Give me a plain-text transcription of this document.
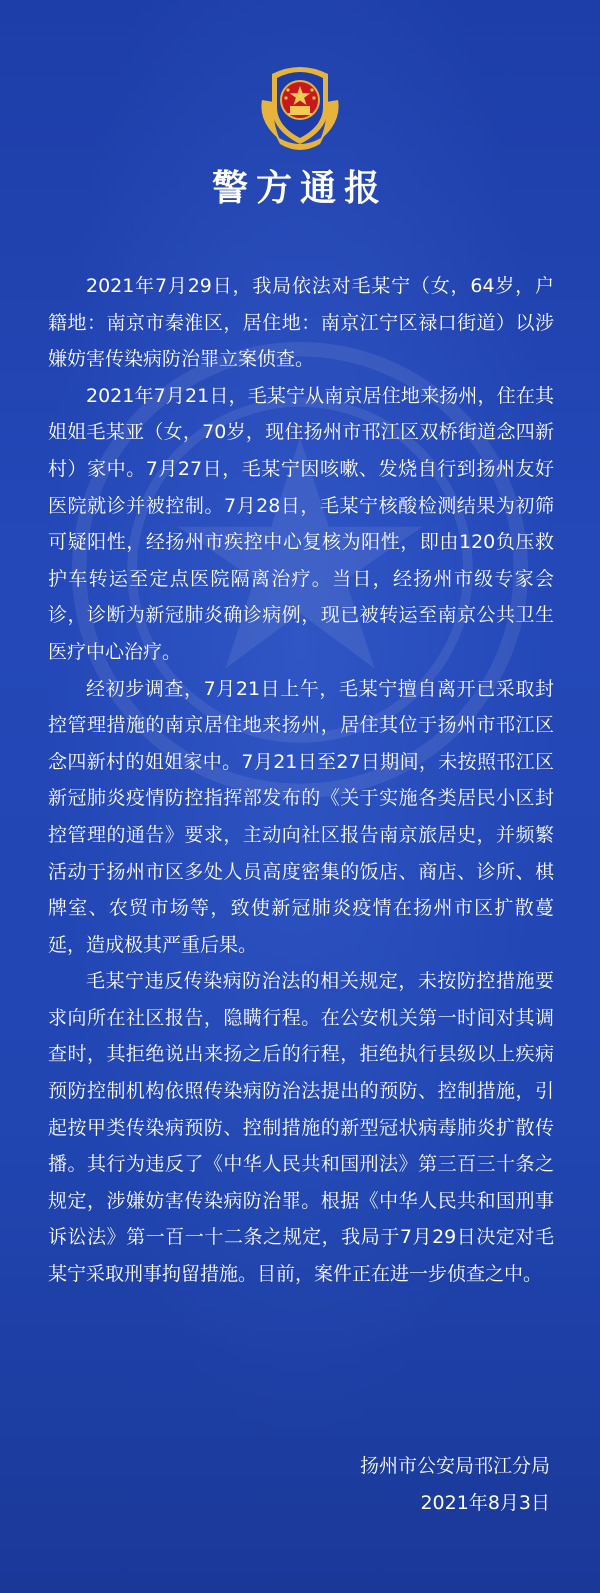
警方通报

2021年7月29日，我局依法对毛某宁（女，64岁，户籍地：南京市秦淮区，居住地：南京江宁区禄口街道）以涉嫌妨害传染病防治罪立案侦查。

2021年7月21日，毛某宁从南京居住地来扬州，住在其姐姐毛某亚（女，70岁，现住扬州市邗江区双桥街道念四新村）家中。7月27日，毛某宁因咳嗽、发烧自行到扬州友好医院就诊并被控制。7月28日，毛某宁核酸检测结果为初筛可疑阳性，经扬州市疾控中心复核为阳性，即由120负压救护车转运至定点医院隔离治疗。当日，经扬州市级专家会诊，诊断为新冠肺炎确诊病例，现已被转运至南京公共卫生医疗中心治疗。

经初步调查，7月21日上午，毛某宁擅自离开已采取封控管理措施的南京居住地来扬州，居住其位于扬州市邗江区念四新村的姐姐家中。7月21日至27日期间，未按照邗江区新冠肺炎疫情防控指挥部发布的《关于实施各类居民小区封控管理的通告》要求，主动向社区报告南京旅居史，并频繁活动于扬州市区多处人员高度密集的饭店、商店、诊所、棋牌室、农贸市场等，致使新冠肺炎疫情在扬州市区扩散蔓延，造成极其严重后果。

毛某宁违反传染病防治法的相关规定，未按防控措施要求向所在社区报告，隐瞒行程。在公安机关第一时间对其调查时，其拒绝说出来扬之后的行程，拒绝执行县级以上疾病预防控制机构依照传染病防治法提出的预防、控制措施，引起按甲类传染病预防、控制措施的新型冠状病毒肺炎扩散传播。其行为违反了《中华人民共和国刑法》第三百三十条之规定，涉嫌妨害传染病防治罪。根据《中华人民共和国刑事诉讼法》第一百一十二条之规定，我局于7月29日决定对毛某宁采取刑事拘留措施。目前，案件正在进一步侦查之中。

扬州市公安局邗江分局
2021年8月3日
